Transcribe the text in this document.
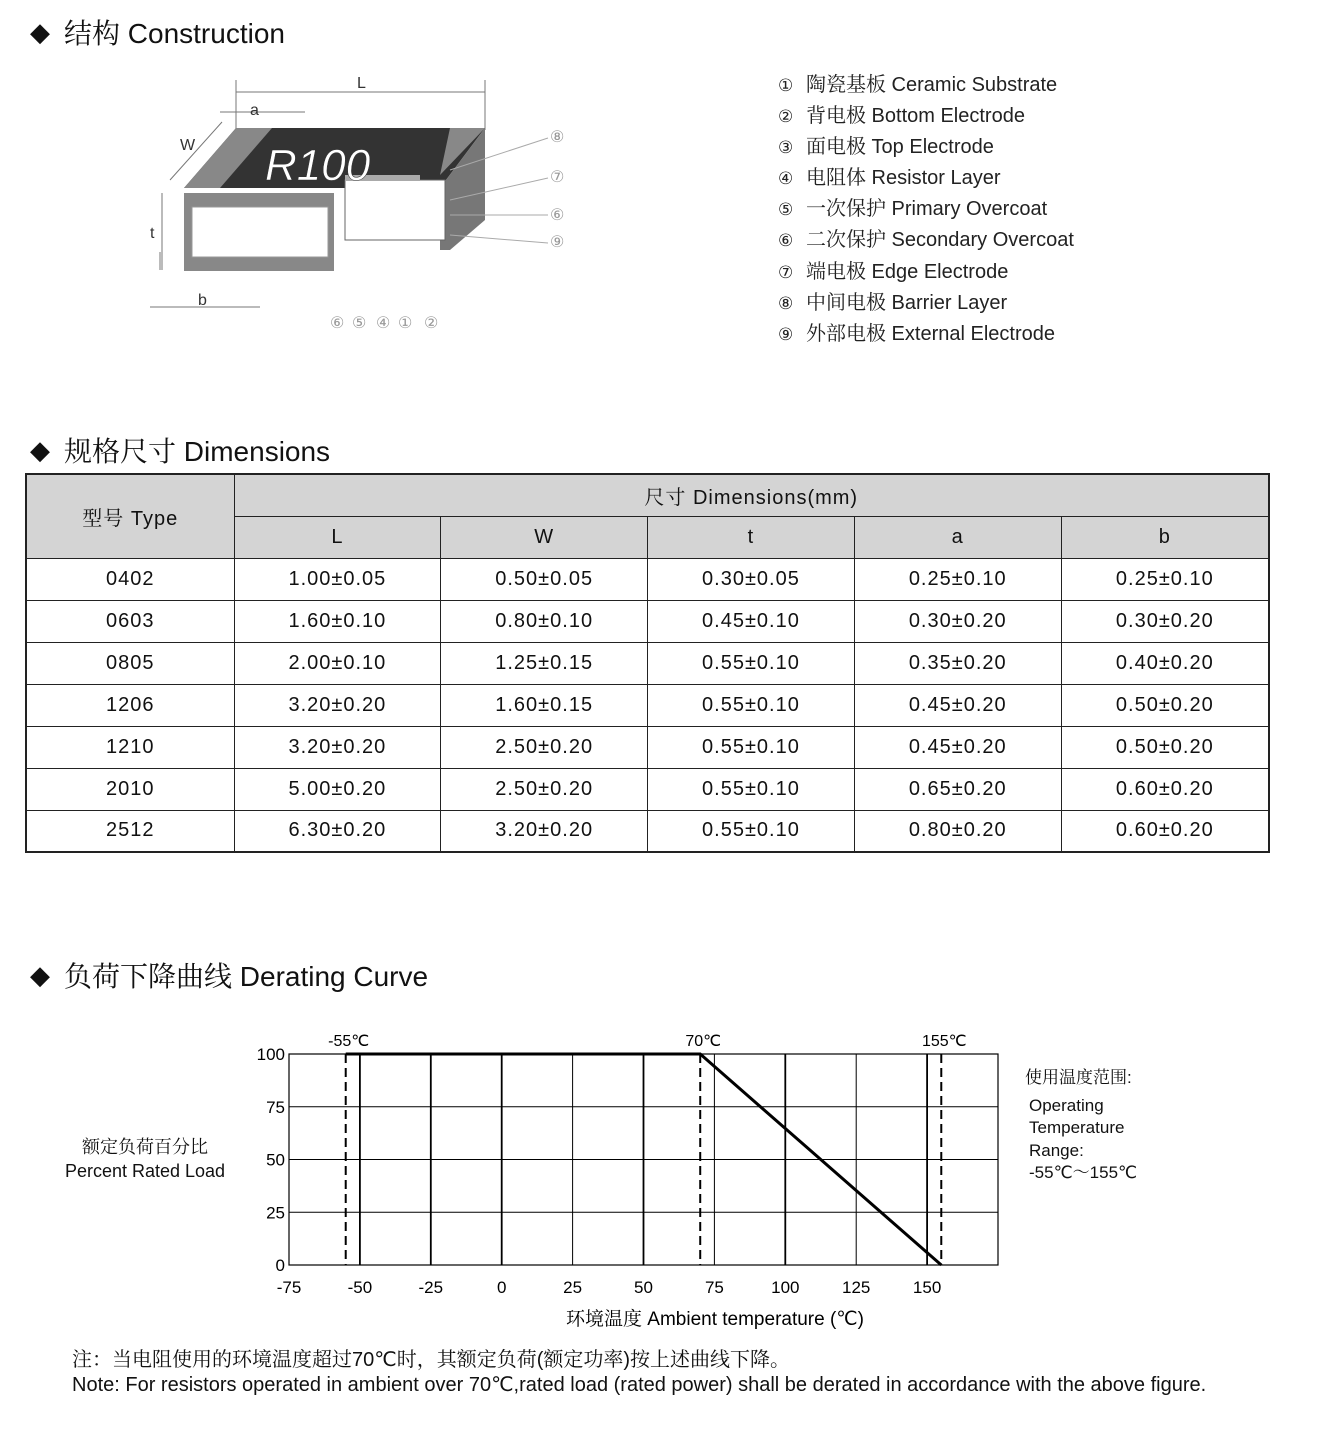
◆ 结构 Construction
R100
L
a
W
t
b
⑧
⑦
⑥
⑨
⑥ ⑤ ④ ① ②
① 陶瓷基板 Ceramic Substrate
② 背电极 Bottom Electrode
③ 面电极 Top Electrode
④ 电阻体 Resistor Layer
⑤ 一次保护 Primary Overcoat
⑥ 二次保护 Secondary Overcoat
⑦ 端电极 Edge Electrode
⑧ 中间电极 Barrier Layer
⑨ 外部电极 External Electrode
◆ 规格尺寸 Dimensions
型号 Type	尺寸 Dimensions(mm)				
	L	W	t	a	b
0402	1.00±0.05	0.50±0.05	0.30±0.05	0.25±0.10	0.25±0.10
0603	1.60±0.10	0.80±0.10	0.45±0.10	0.30±0.20	0.30±0.20
0805	2.00±0.10	1.25±0.15	0.55±0.10	0.35±0.20	0.40±0.20
1206	3.20±0.20	1.60±0.15	0.55±0.10	0.45±0.20	0.50±0.20
1210	3.20±0.20	2.50±0.20	0.55±0.10	0.45±0.20	0.50±0.20
2010	5.00±0.20	2.50±0.20	0.55±0.10	0.65±0.20	0.60±0.20
2512	6.30±0.20	3.20±0.20	0.55±0.10	0.80±0.20	0.60±0.20
◆ 负荷下降曲线 Derating Curve
额定负荷百分比
Percent Rated Load
-75	-50	-25	0	25	50	75	100	125	150
0
25
50
75
100
-55℃	70℃	155℃
环境温度 Ambient temperature (℃)
使用温度范围:
Operating
Temperature
Range:
-55℃～155℃
注：当电阻使用的环境温度超过70℃时，其额定负荷(额定功率)按上述曲线下降。
Note: For resistors operated in ambient over 70℃,rated load (rated power) shall be derated in accordance with the above figure.
